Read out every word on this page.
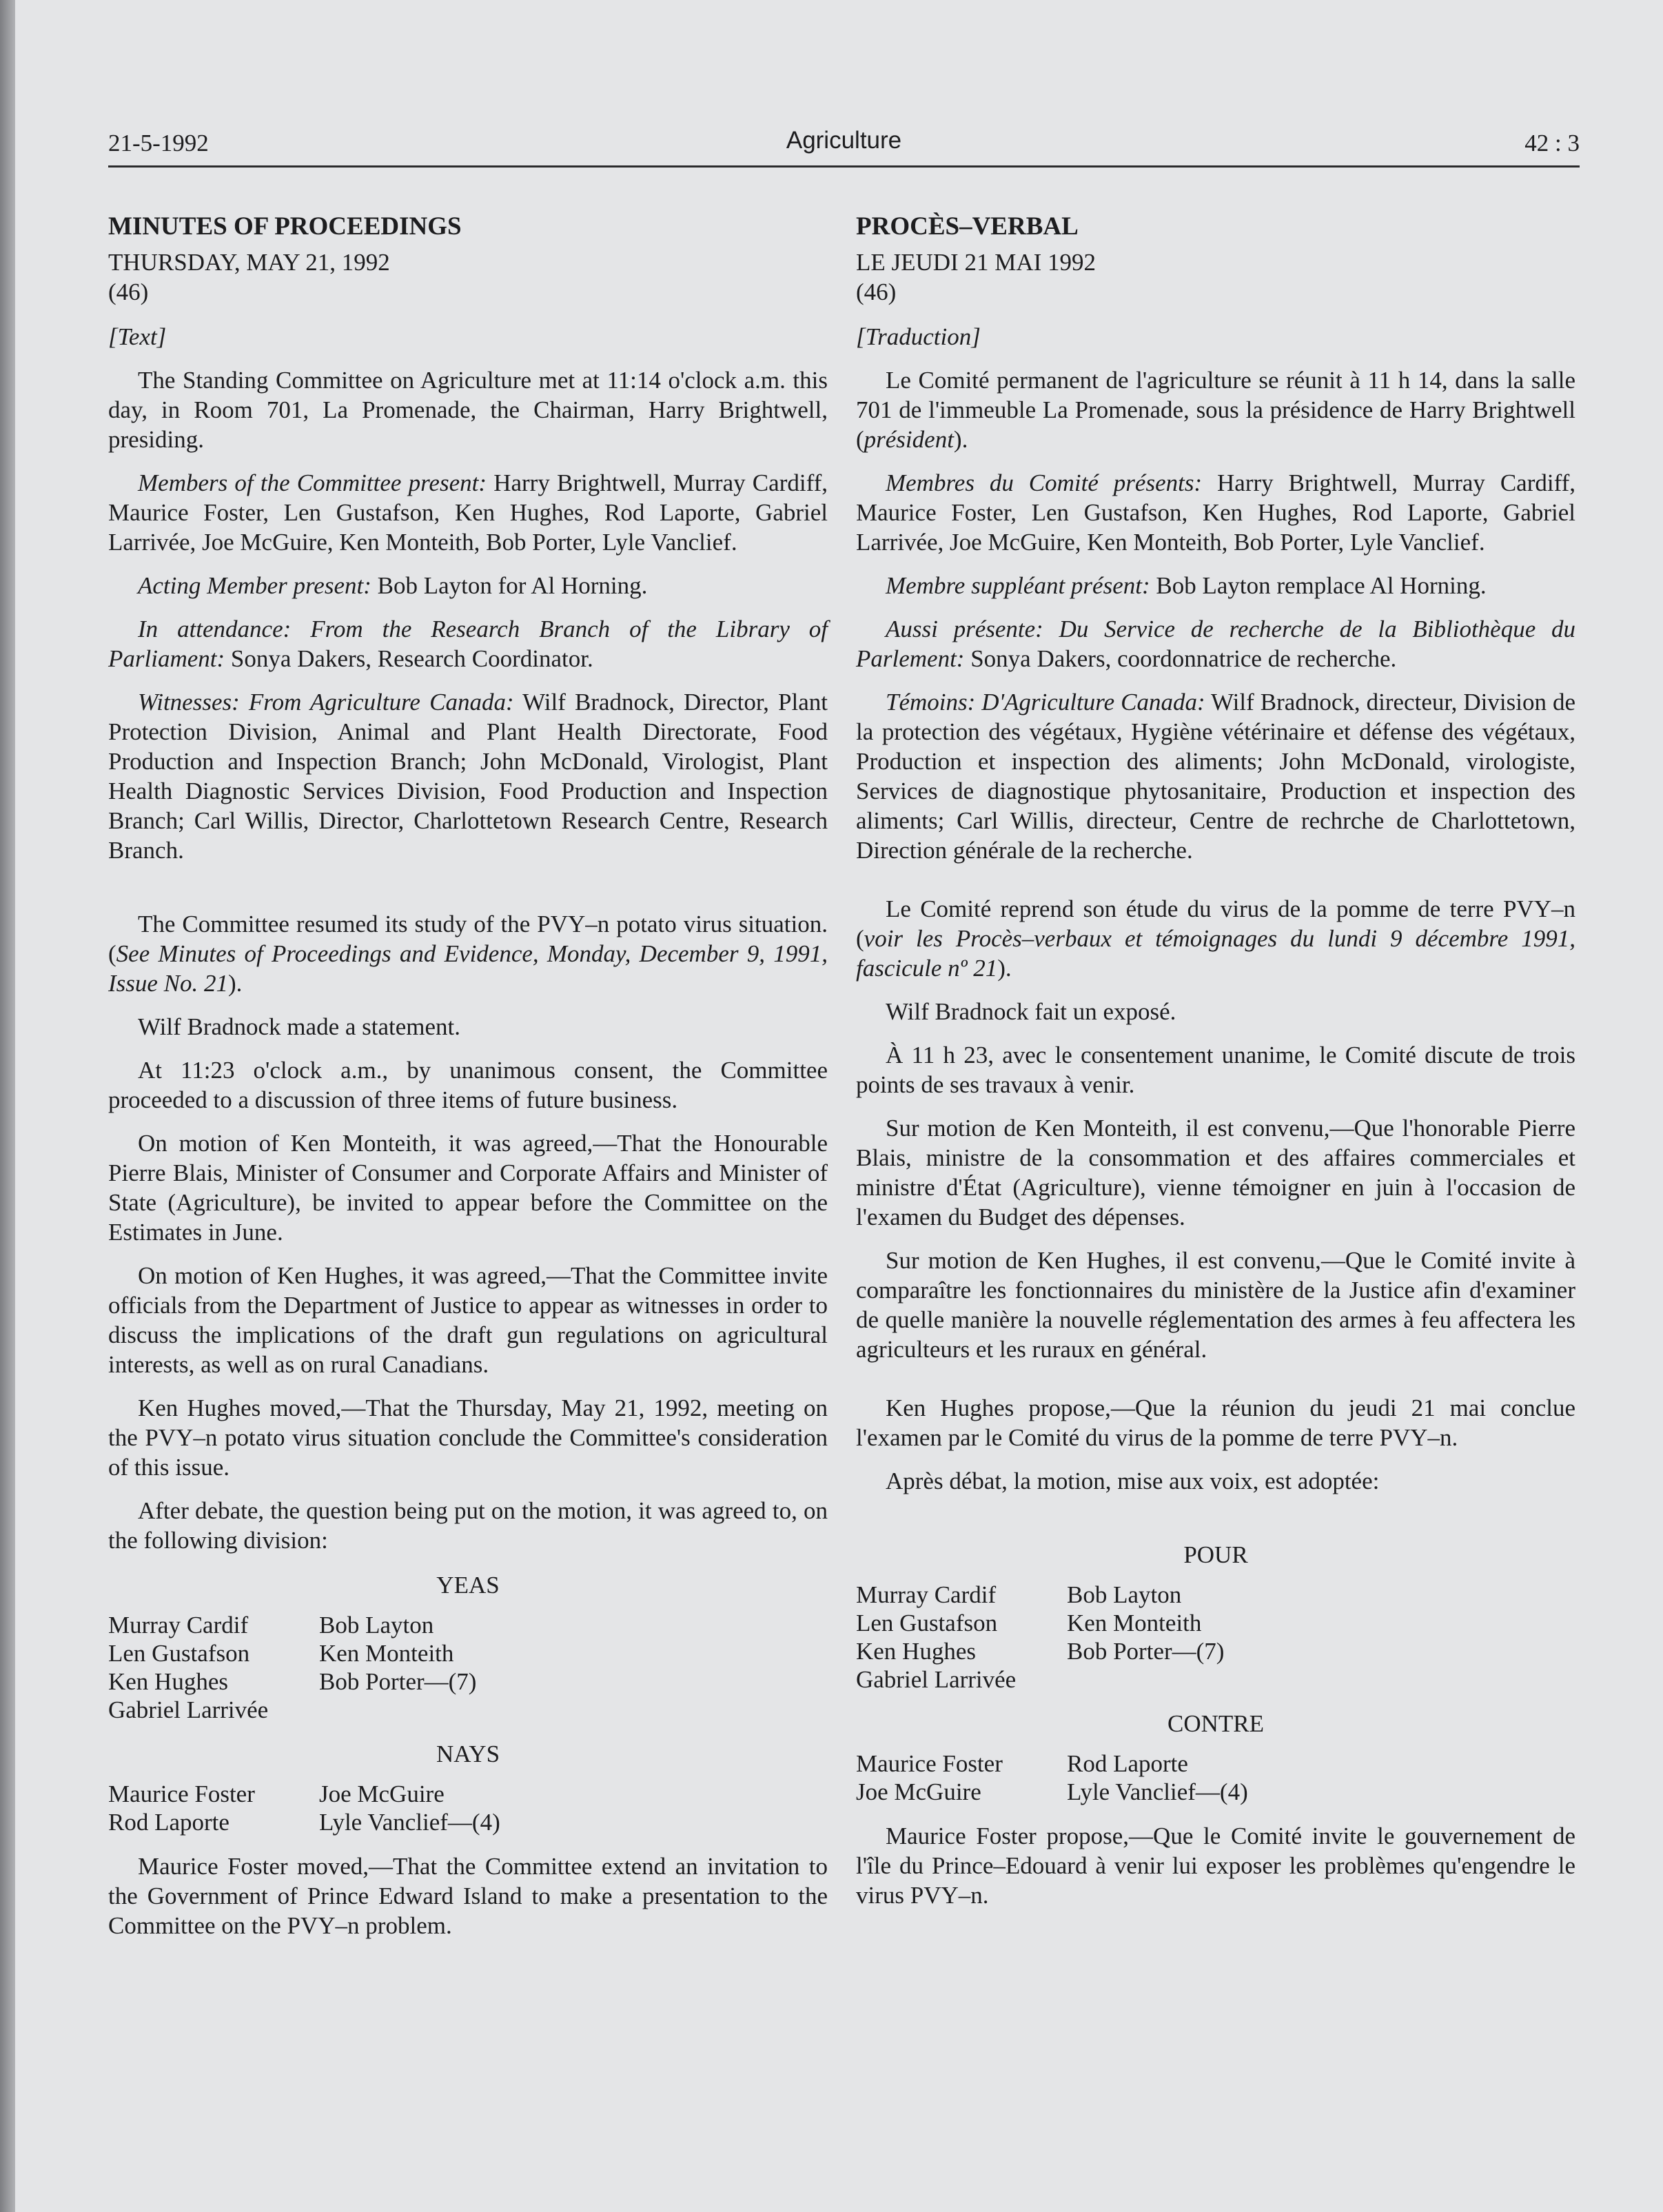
21-5-1992	Agriculture	42 : 3
MINUTES OF PROCEEDINGS
THURSDAY, MAY 21, 1992
(46)

[Text]

The Standing Committee on Agriculture met at 11:14 o'clock a.m. this day, in Room 701, La Promenade, the Chairman, Harry Brightwell, presiding.

Members of the Committee present: Harry Brightwell, Murray Cardiff, Maurice Foster, Len Gustafson, Ken Hughes, Rod Laporte, Gabriel Larrivée, Joe McGuire, Ken Monteith, Bob Porter, Lyle Vanclief.

Acting Member present: Bob Layton for Al Horning.

In attendance: From the Research Branch of the Library of Parliament: Sonya Dakers, Research Coordinator.

Witnesses: From Agriculture Canada: Wilf Bradnock, Director, Plant Protection Division, Animal and Plant Health Directorate, Food Production and Inspection Branch; John McDonald, Virologist, Plant Health Diagnostic Services Division, Food Production and Inspection Branch; Carl Willis, Director, Charlottetown Research Centre, Research Branch.

The Committee resumed its study of the PVY–n potato virus situation. (See Minutes of Proceedings and Evidence, Monday, December 9, 1991, Issue No. 21).

Wilf Bradnock made a statement.

At 11:23 o'clock a.m., by unanimous consent, the Committee proceeded to a discussion of three items of future business.

On motion of Ken Monteith, it was agreed,—That the Honourable Pierre Blais, Minister of Consumer and Corporate Affairs and Minister of State (Agriculture), be invited to appear before the Committee on the Estimates in June.

On motion of Ken Hughes, it was agreed,—That the Committee invite officials from the Department of Justice to appear as witnesses in order to discuss the implications of the draft gun regulations on agricultural interests, as well as on rural Canadians.

Ken Hughes moved,—That the Thursday, May 21, 1992, meeting on the PVY–n potato virus situation conclude the Committee's consideration of this issue.

After debate, the question being put on the motion, it was agreed to, on the following division:

YEAS
Murray Cardif	Bob Layton
Len Gustafson	Ken Monteith
Ken Hughes	Bob Porter—(7)
Gabriel Larrivée
NAYS
Maurice Foster	Joe McGuire
Rod Laporte	Lyle Vanclief—(4)

Maurice Foster moved,—That the Committee extend an invitation to the Government of Prince Edward Island to make a presentation to the Committee on the PVY–n problem.

PROCÈS–VERBAL
LE JEUDI 21 MAI 1992
(46)

[Traduction]

Le Comité permanent de l'agriculture se réunit à 11 h 14, dans la salle 701 de l'immeuble La Promenade, sous la présidence de Harry Brightwell (président).

Membres du Comité présents: Harry Brightwell, Murray Cardiff, Maurice Foster, Len Gustafson, Ken Hughes, Rod Laporte, Gabriel Larrivée, Joe McGuire, Ken Monteith, Bob Porter, Lyle Vanclief.

Membre suppléant présent: Bob Layton remplace Al Horning.

Aussi présente: Du Service de recherche de la Bibliothèque du Parlement: Sonya Dakers, coordonnatrice de recherche.

Témoins: D'Agriculture Canada: Wilf Bradnock, directeur, Division de la protection des végétaux, Hygiène vétérinaire et défense des végétaux, Production et inspection des aliments; John McDonald, virologiste, Services de diagnostique phytosanitaire, Production et inspection des aliments; Carl Willis, directeur, Centre de rechrche de Charlottetown, Direction générale de la recherche.

Le Comité reprend son étude du virus de la pomme de terre PVY–n (voir les Procès–verbaux et témoignages du lundi 9 décembre 1991, fascicule nº 21).

Wilf Bradnock fait un exposé.

À 11 h 23, avec le consentement unanime, le Comité discute de trois points de ses travaux à venir.

Sur motion de Ken Monteith, il est convenu,—Que l'honorable Pierre Blais, ministre de la consommation et des affaires commerciales et ministre d'État (Agriculture), vienne témoigner en juin à l'occasion de l'examen du Budget des dépenses.

Sur motion de Ken Hughes, il est convenu,—Que le Comité invite à comparaître les fonctionnaires du ministère de la Justice afin d'examiner de quelle manière la nouvelle réglementation des armes à feu affectera les agriculteurs et les ruraux en général.

Ken Hughes propose,—Que la réunion du jeudi 21 mai conclue l'examen par le Comité du virus de la pomme de terre PVY–n.

Après débat, la motion, mise aux voix, est adoptée:

POUR
Murray Cardif	Bob Layton
Len Gustafson	Ken Monteith
Ken Hughes	Bob Porter—(7)
Gabriel Larrivée
CONTRE
Maurice Foster	Rod Laporte
Joe McGuire	Lyle Vanclief—(4)

Maurice Foster propose,—Que le Comité invite le gouvernement de l'île du Prince–Edouard à venir lui exposer les problèmes qu'engendre le virus PVY–n.
